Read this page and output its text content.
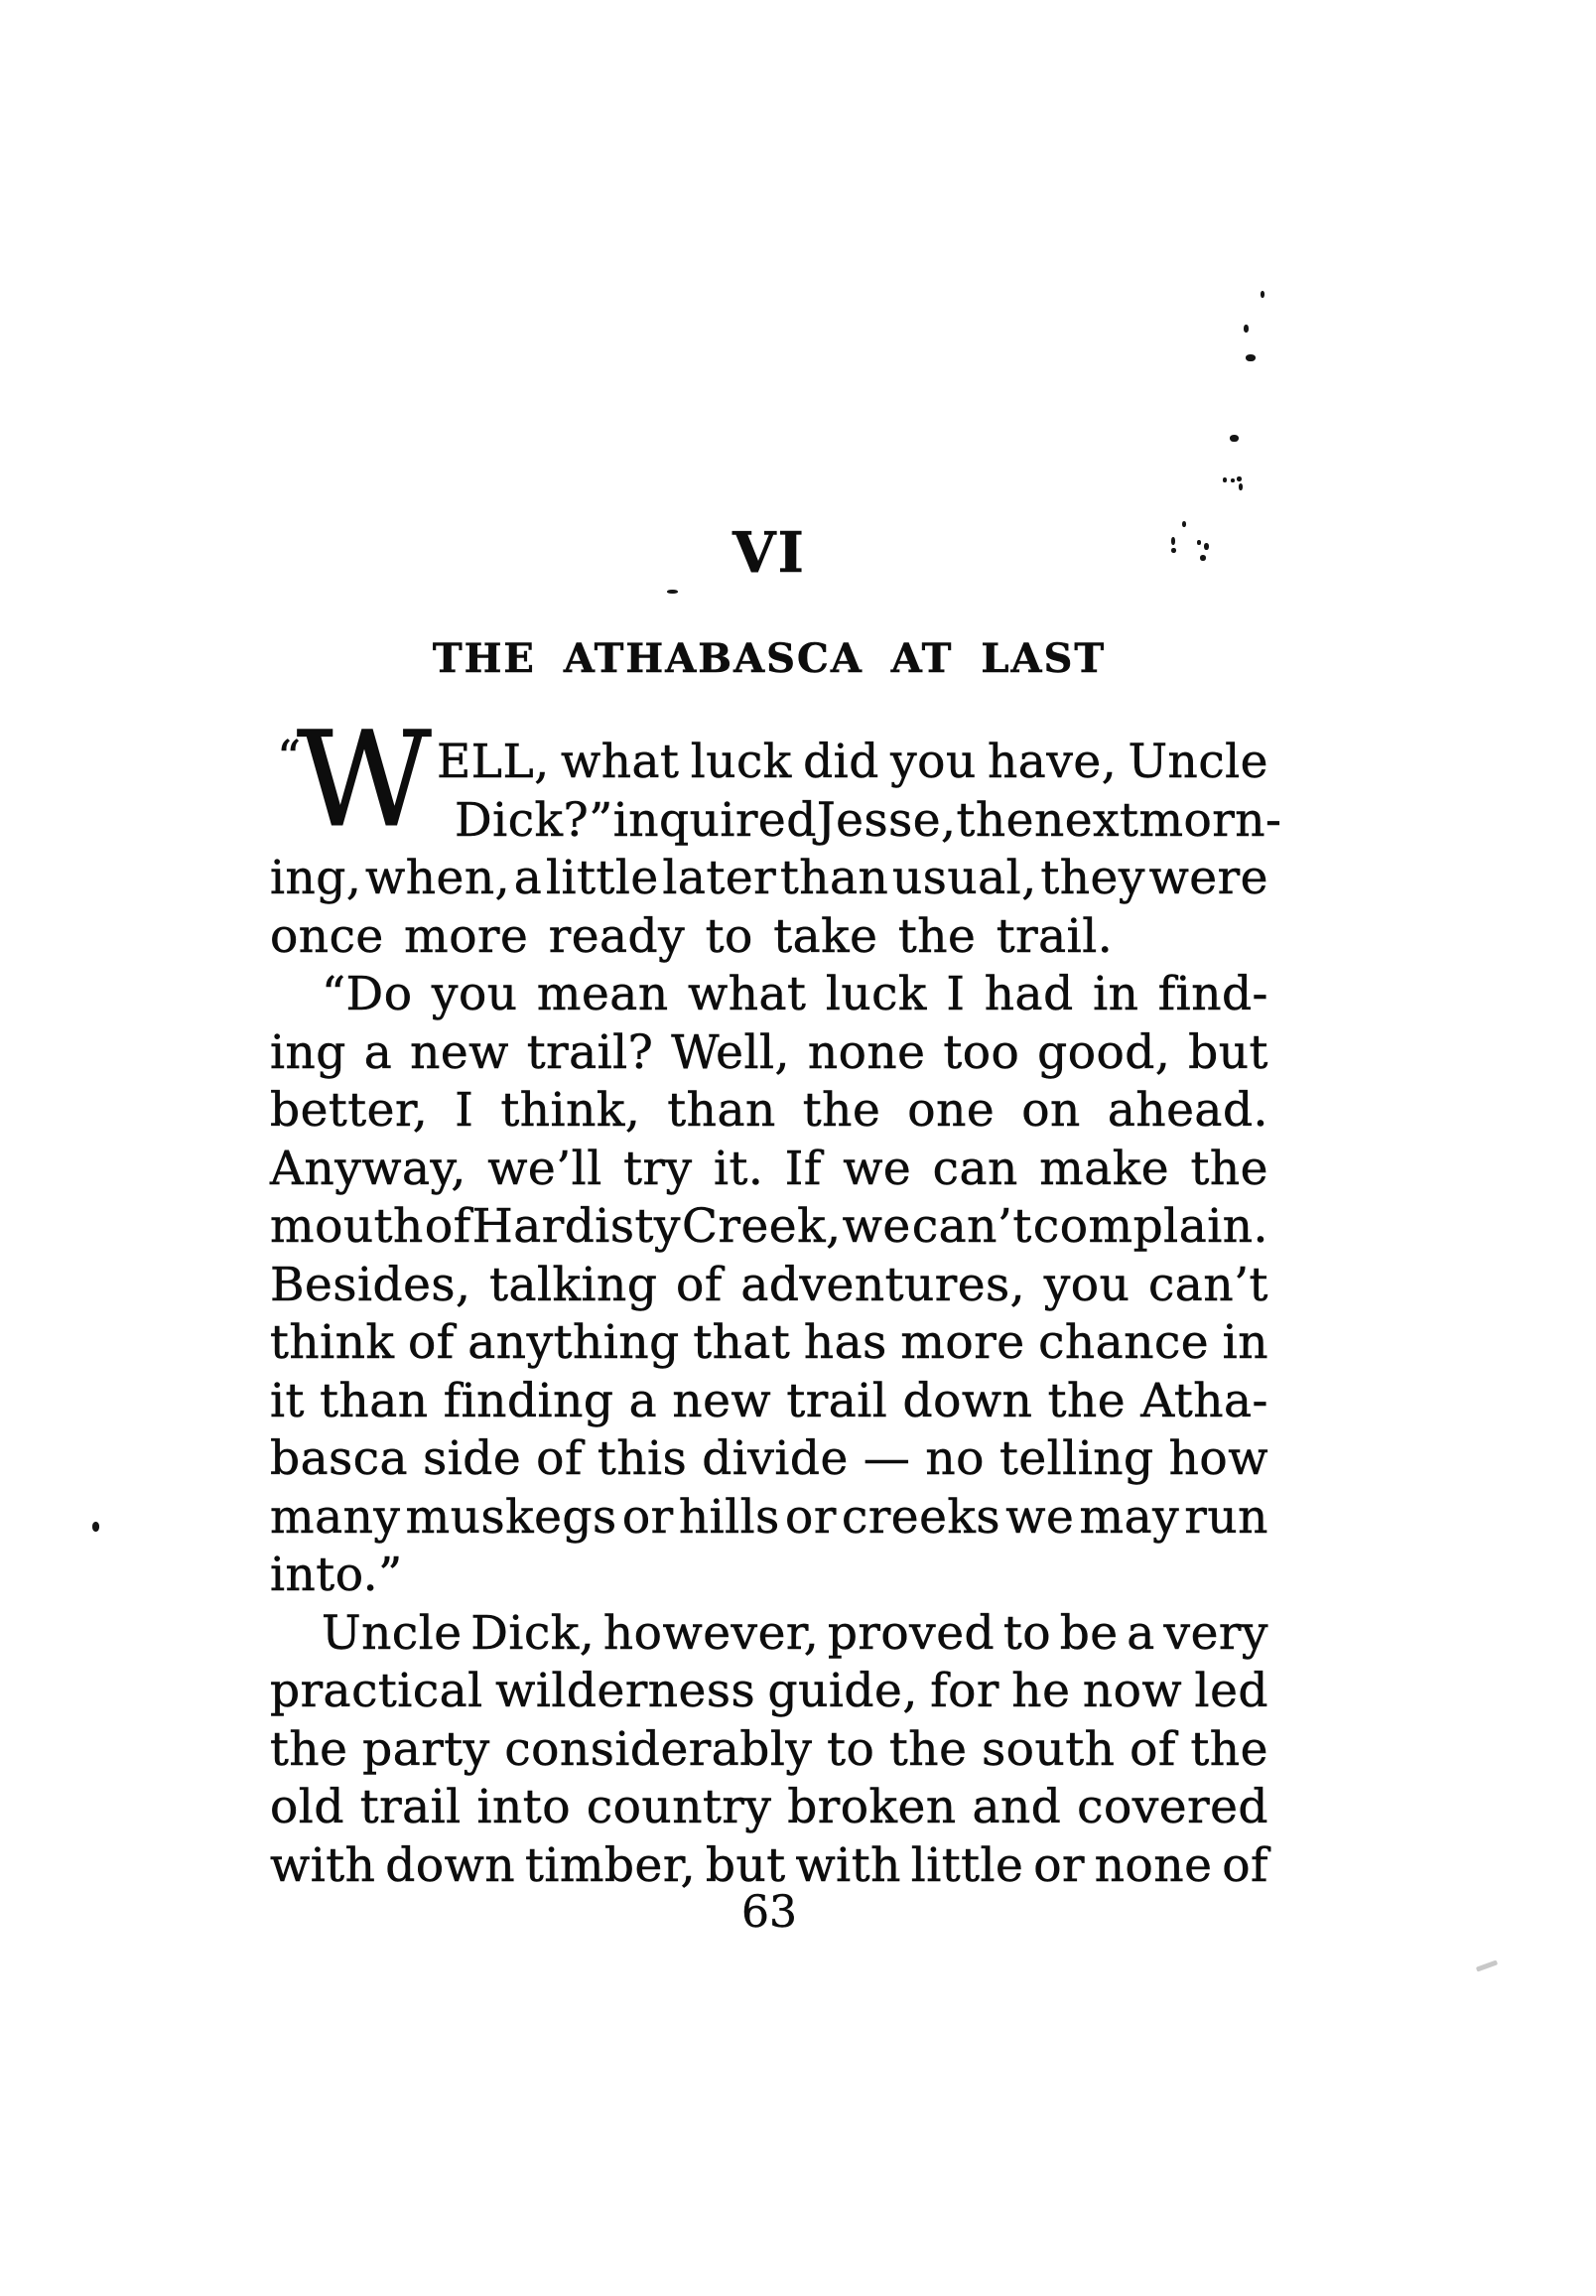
VI
THE ATHABASCA AT LAST
“
W ELL, what luck did you have, Uncle
Dick?” inquired Jesse, the next morn-
ing, when, a little later than usual, they were
once more ready to take the trail.
“Do you mean what luck I had in find-
ing a new trail? Well, none too good, but
better, I think, than the one on ahead.
Anyway, we’ll try it. If we can make the
mouth of Hardisty Creek, we can’t complain.
Besides, talking of adventures, you can’t
think of anything that has more chance in
it than finding a new trail down the Atha-
basca side of this divide — no telling how
many muskegs or hills or creeks we may run
into.”
Uncle Dick, however, proved to be a very
practical wilderness guide, for he now led
the party considerably to the south of the
old trail into country broken and covered
with down timber, but with little or none of
63
